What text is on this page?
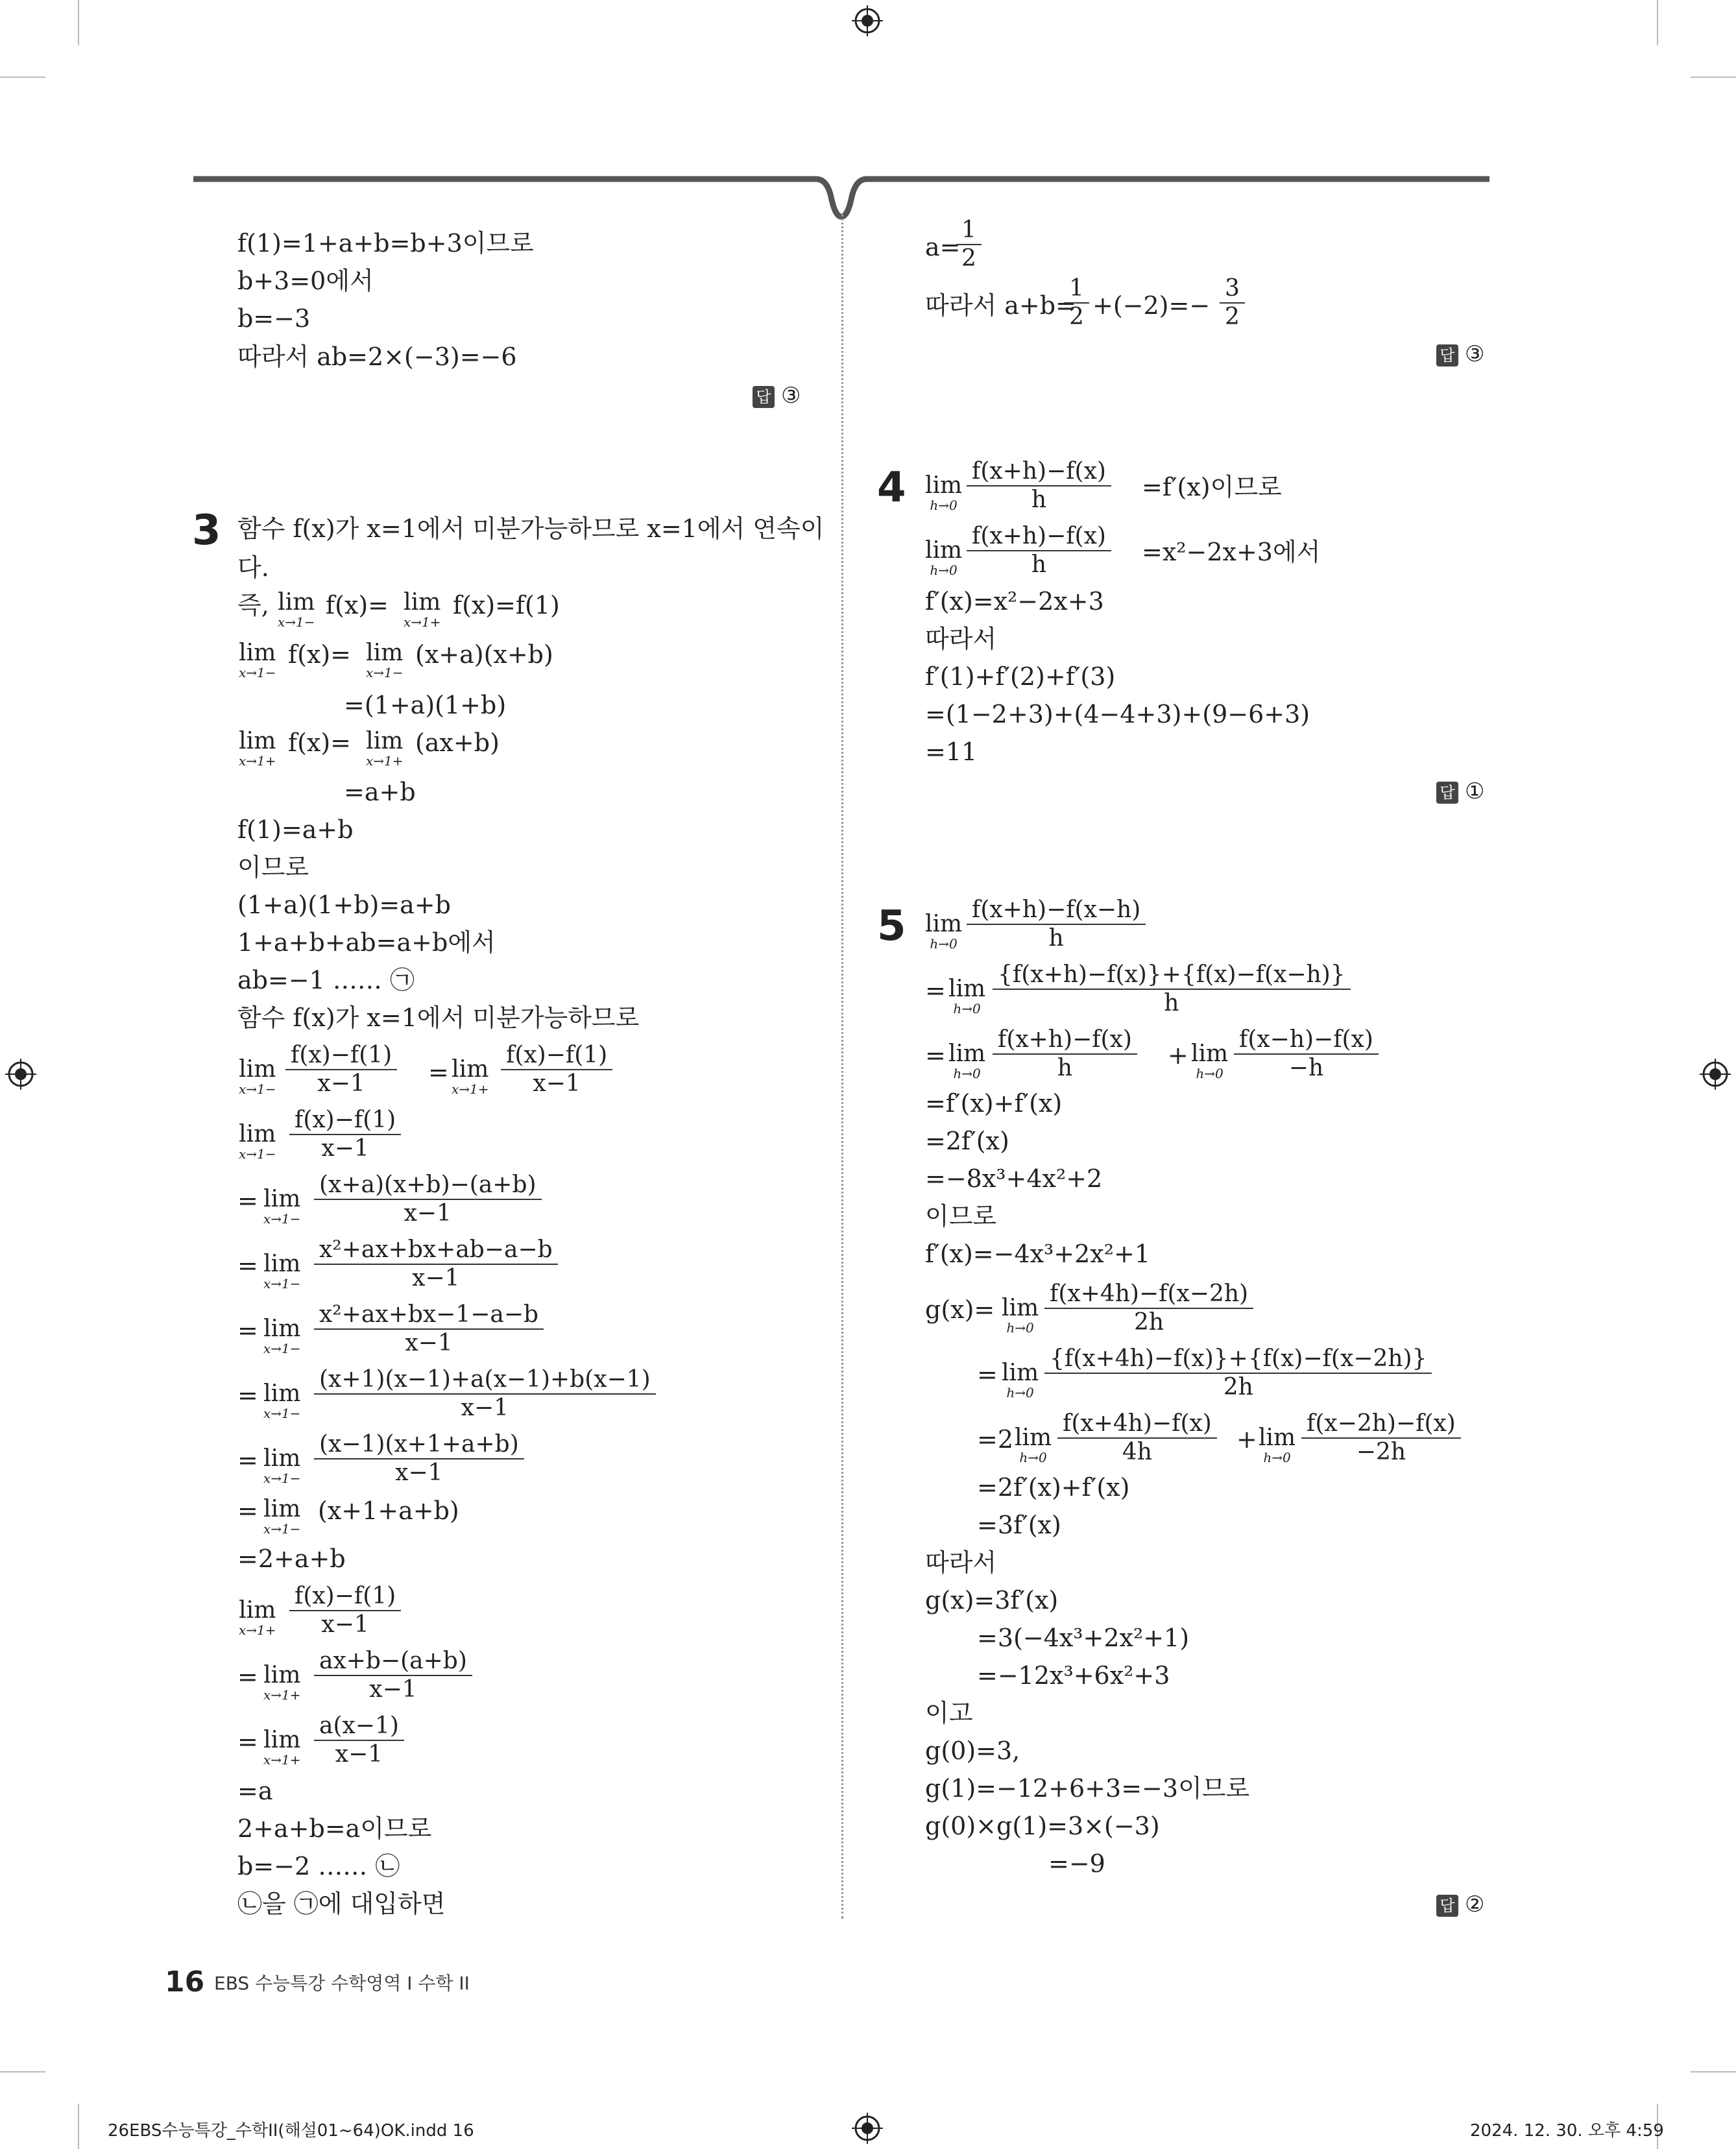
f(1)=1+a+b=b+3이므로
b+3=0에서
b=−3
따라서 ab=2×(−3)=−6
답 ③
3 함수 f(x)가 x=1에서 미분가능하므로 x=1에서 연속이
다.
즉, lim
x→1−
f(x)= lim
x→1+
f(x)=f(1)
lim
x→1−
f(x)= lim
x→1−
(x+a)(x+b)
=(1+a)(1+b)
lim
x→1+
f(x)= lim
x→1+
(ax+b)
=a+b
f(1)=a+b
이므로
(1+a)(1+b)=a+b
1+a+b+ab=a+b에서
ab=−1 …… ㉠
함수 f(x)가 x=1에서 미분가능하므로
lim
$x\to 1- \frac{f(x)-f(1)}{x-1} = \lim$
$x\to 1+ \frac{f(x)-f(1)}{x-1}$
lim
$x\to 1- \frac{f(x)-f(1)}{x-1}$
= lim
$x\to 1- \frac{(x+a)(x+b)-(a+b)}{x-1}$
= lim
$x\to 1- \frac{\text{x²+ax+bx+ab−a−b}}{x-1}$
= lim
$x\to 1- \frac{\text{x²+ax+bx−1−a−b}}{x-1}$
= lim
$x\to 1- \frac{(x+1)(x-1)+a(x-1)+b(x-1)}{x-1}$
= lim
$x\to 1- \frac{(x-1)(x+1+a+b)}{x-1}$
= lim
x→1−
(x+1+a+b)
=2+a+b
lim
$x\to 1+ \frac{f(x)-f(1)}{x-1}$
= lim
$x\to 1+ \frac{ax+b-(a+b)}{x-1}$
= lim
$x\to 1+ \frac{a(x-1)}{x-1}$
=a
2+a+b=a이므로
b=−2 …… ㉡
㉡을 ㉠에 대입하면
a=
$\frac{1}{2}$
따라서 a+b=
$\frac{1}{2} +(-2)=- \frac{3}{2}$
답 ③
4 lim
$h\to 0 \frac{f(x+h)-f(x)}{h} =f'(x)$이므로
lim
$h\to 0 \frac{f(x+h)-f(x)}{h} =x^2-2x+3$에서
f′(x)=x²−2x+3
따라서
f′(1)+f′(2)+f′(3)
=(1−2+3)+(4−4+3)+(9−6+3)
=11
답 ①
5 lim
$h\to 0 \frac{f(x+h)-f(x-h)}{h}$
= lim
$h\to 0 \frac{\{f(x+h)-f(x)\}+\{f(x)-f(x-h)\}}{h}$
= lim
$h\to 0 \frac{f(x+h)-f(x)}{h} + \lim$
$h\to 0 \frac{f(x-h)-f(x)}{-h}$
=f′(x)+f′(x)
=2f′(x)
=−8x³+4x²+2
이므로
f′(x)=−4x³+2x²+1
g(x)= lim
$h\to 0 \frac{f(x+4h)-f(x-2h)}{2h}$
= lim
$h\to 0 \frac{\{f(x+4h)-f(x)\}+\{f(x)-f(x-2h)\}}{2h}$
=2 lim
$h\to 0 \frac{f(x+4h)-f(x)}{4h} + \lim$
$h\to 0 \frac{f(x-2h)-f(x)}{-2h}$
=2f′(x)+f′(x)
=3f′(x)
따라서
g(x)=3f′(x)
=3(−4x³+2x²+1)
=−12x³+6x²+3
이고
g(0)=3,
g(1)=−12+6+3=−3이므로
g(0)×g(1)=3×(−3)
=−9
답 ②
16 EBS 수능특강 수학영역 I 수학 II
26EBS수능특강_수학II(해설01~64)OK.indd 16	2024. 12. 30. 오후 4:59
